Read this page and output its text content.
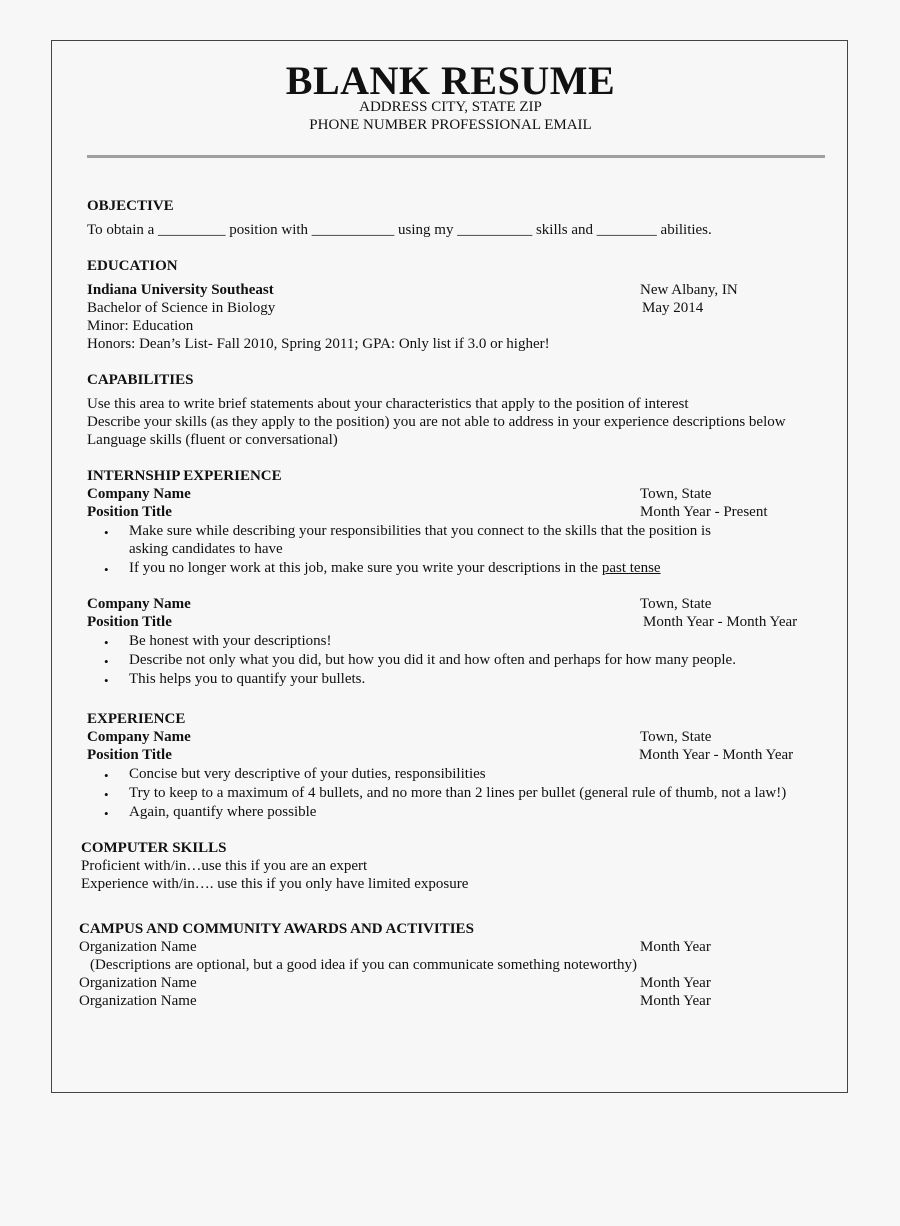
BLANK RESUME
ADDRESS CITY, STATE ZIP
PHONE NUMBER PROFESSIONAL EMAIL
OBJECTIVE
To obtain a _________ position with ___________ using my __________ skills and ________ abilities.
EDUCATION
Indiana University Southeast	New Albany, IN
Bachelor of Science in Biology	May 2014
Minor: Education
Honors: Dean’s List- Fall 2010, Spring 2011; GPA: Only list if 3.0 or higher!
CAPABILITIES
Use this area to write brief statements about your characteristics that apply to the position of interest
Describe your skills (as they apply to the position) you are not able to address in your experience descriptions below
Language skills (fluent or conversational)
INTERNSHIP EXPERIENCE
Company Name	Town, State
Position Title	Month Year - Present
• Make sure while describing your responsibilities that you connect to the skills that the position is
asking candidates to have
• If you no longer work at this job, make sure you write your descriptions in the past tense
Company Name	Town, State
Position Title	Month Year - Month Year
• Be honest with your descriptions!
• Describe not only what you did, but how you did it and how often and perhaps for how many people.
• This helps you to quantify your bullets.
EXPERIENCE
Company Name	Town, State
Position Title	Month Year - Month Year
• Concise but very descriptive of your duties, responsibilities
• Try to keep to a maximum of 4 bullets, and no more than 2 lines per bullet (general rule of thumb, not a law!)
• Again, quantify where possible
COMPUTER SKILLS
Proficient with/in…use this if you are an expert
Experience with/in…. use this if you only have limited exposure
CAMPUS AND COMMUNITY AWARDS AND ACTIVITIES
Organization Name	Month Year
(Descriptions are optional, but a good idea if you can communicate something noteworthy)
Organization Name	Month Year
Organization Name	Month Year
